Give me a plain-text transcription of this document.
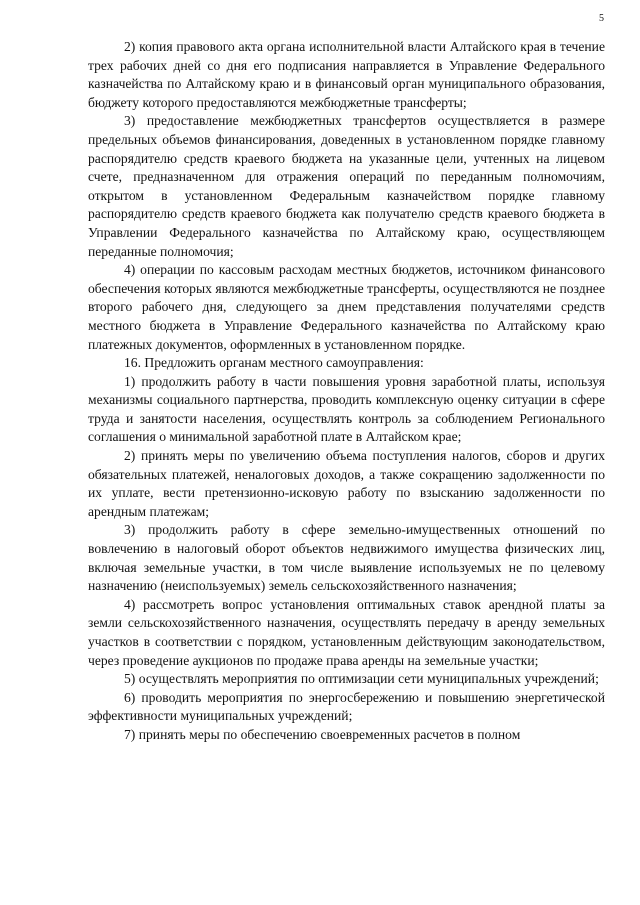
5

2) копия правового акта органа исполнительной власти Алтайского края в течение трех рабочих дней со дня его подписания направляется в Управление Федерального казначейства по Алтайскому краю и в финансовый орган муниципального образования, бюджету которого предоставляются межбюджетные трансферты;

3) предоставление межбюджетных трансфертов осуществляется в размере предельных объемов финансирования, доведенных в установленном порядке главному распорядителю средств краевого бюджета на указанные цели, учтенных на лицевом счете, предназначенном для отражения операций по переданным полномочиям, открытом в установленном Федеральным казначейством порядке главному распорядителю средств краевого бюджета как получателю средств краевого бюджета в Управлении Федерального казначейства по Алтайскому краю, осуществляющем переданные полномочия;

4) операции по кассовым расходам местных бюджетов, источником финансового обеспечения которых являются межбюджетные трансферты, осуществляются не позднее второго рабочего дня, следующего за днем представления получателями средств местного бюджета в Управление Федерального казначейства по Алтайскому краю платежных документов, оформленных в установленном порядке.

16. Предложить органам местного самоуправления:

1) продолжить работу в части повышения уровня заработной платы, используя механизмы социального партнерства, проводить комплексную оценку ситуации в сфере труда и занятости населения, осуществлять контроль за соблюдением Регионального соглашения о минимальной заработной плате в Алтайском крае;

2) принять меры по увеличению объема поступления налогов, сборов и других обязательных платежей, неналоговых доходов, а также сокращению задолженности по их уплате, вести претензионно-исковую работу по взысканию задолженности по арендным платежам;

3) продолжить работу в сфере земельно-имущественных отношений по вовлечению в налоговый оборот объектов недвижимого имущества физических лиц, включая земельные участки, в том числе выявление используемых не по целевому назначению (неиспользуемых) земель сельскохозяйственного назначения;

4) рассмотреть вопрос установления оптимальных ставок арендной платы за земли сельскохозяйственного назначения, осуществлять передачу в аренду земельных участков в соответствии с порядком, установленным действующим законодательством, через проведение аукционов по продаже права аренды на земельные участки;

5) осуществлять мероприятия по оптимизации сети муниципальных учреждений;

6) проводить мероприятия по энергосбережению и повышению энергетической эффективности муниципальных учреждений;

7) принять меры по обеспечению своевременных расчетов в полном
